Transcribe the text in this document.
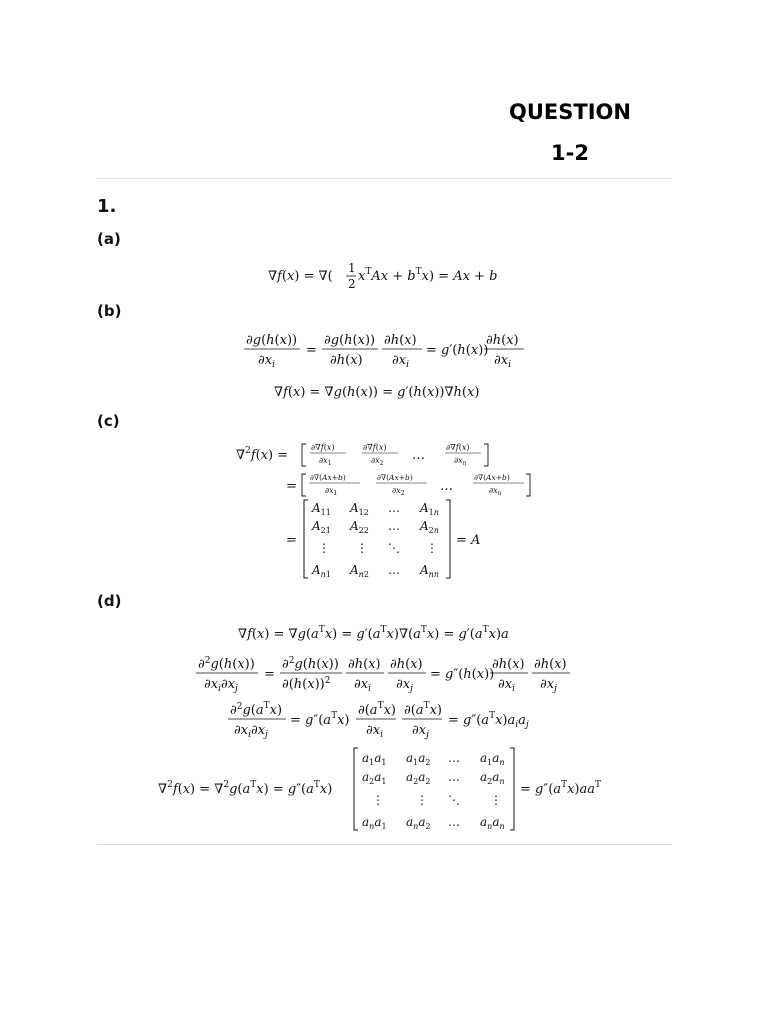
QUESTION
1-2
1.
(a)
∇f(x) = ∇(
1
2 $x^TAx + b^Tx) = Ax + b$
(b)
∂g(h(x))
$\partial x_i$
=
∂g(h(x))
∂h(x)
∂h(x)
$\partial x_i$
= g′(h(x))
∂h(x)
$\partial x_i$
∇f(x) = ∇g(h(x)) = g′(h(x))∇h(x)
(c)
∇$^2$f(x) =
∂∇f(x)
$\partial x_1$
∂∇f(x)
$\partial x_2$
…
∂∇f(x)
$\partial x_n$
=
∂∇(Ax+b)
$\partial x_1$
∂∇(Ax+b)
$\partial x_2$	…
∂∇(Ax+b)
$\partial x_n$
=
$A_{11}$ $A_{12}$ … $A_{1n}$
$A_{21}$ $A_{22}$ … $A_{2n}$
⋮ ⋮ ⋱ ⋮
$A_{n1}$ $A_{n2}$ … $A_{nn}$
= A
(d)
$\nabla f(x) = \nabla g(a^Tx) = g'(a^Tx)\nabla(a^Tx) = g'(a^Tx)a$
∂$^2$g(h(x))
$\partial x_i\partial x_j$
=
∂$^2$g(h(x))
$\partial(h(x))^2$
∂h(x)
$\partial x_i$
∂h(x)
$\partial x_j$
= g″(h(x))
∂h(x)
$\partial x_i$
∂h(x)
$\partial x_j$
$\partial^2g(a^Tx)$
$\partial x_i\partial x_j$
= $g''(a^Tx)$
$\partial(a^Tx)$
$\partial x_i$
$\partial(a^Tx)$
$\partial x_j$
= $g''(a^Tx)a_ia_j$
$\nabla^2f(x) = \nabla^2g(a^Tx) = g''(a^Tx)$
$a_1a_1$ $a_1a_2$ … $a_1a_n$
$a_2a_1$ $a_2a_2$ … $a_2a_n$
⋮	⋮ ⋱	⋮
$a_na_1$ $a_na_2$ … $a_na_n$
= $g''(a^Tx)aa^T$
